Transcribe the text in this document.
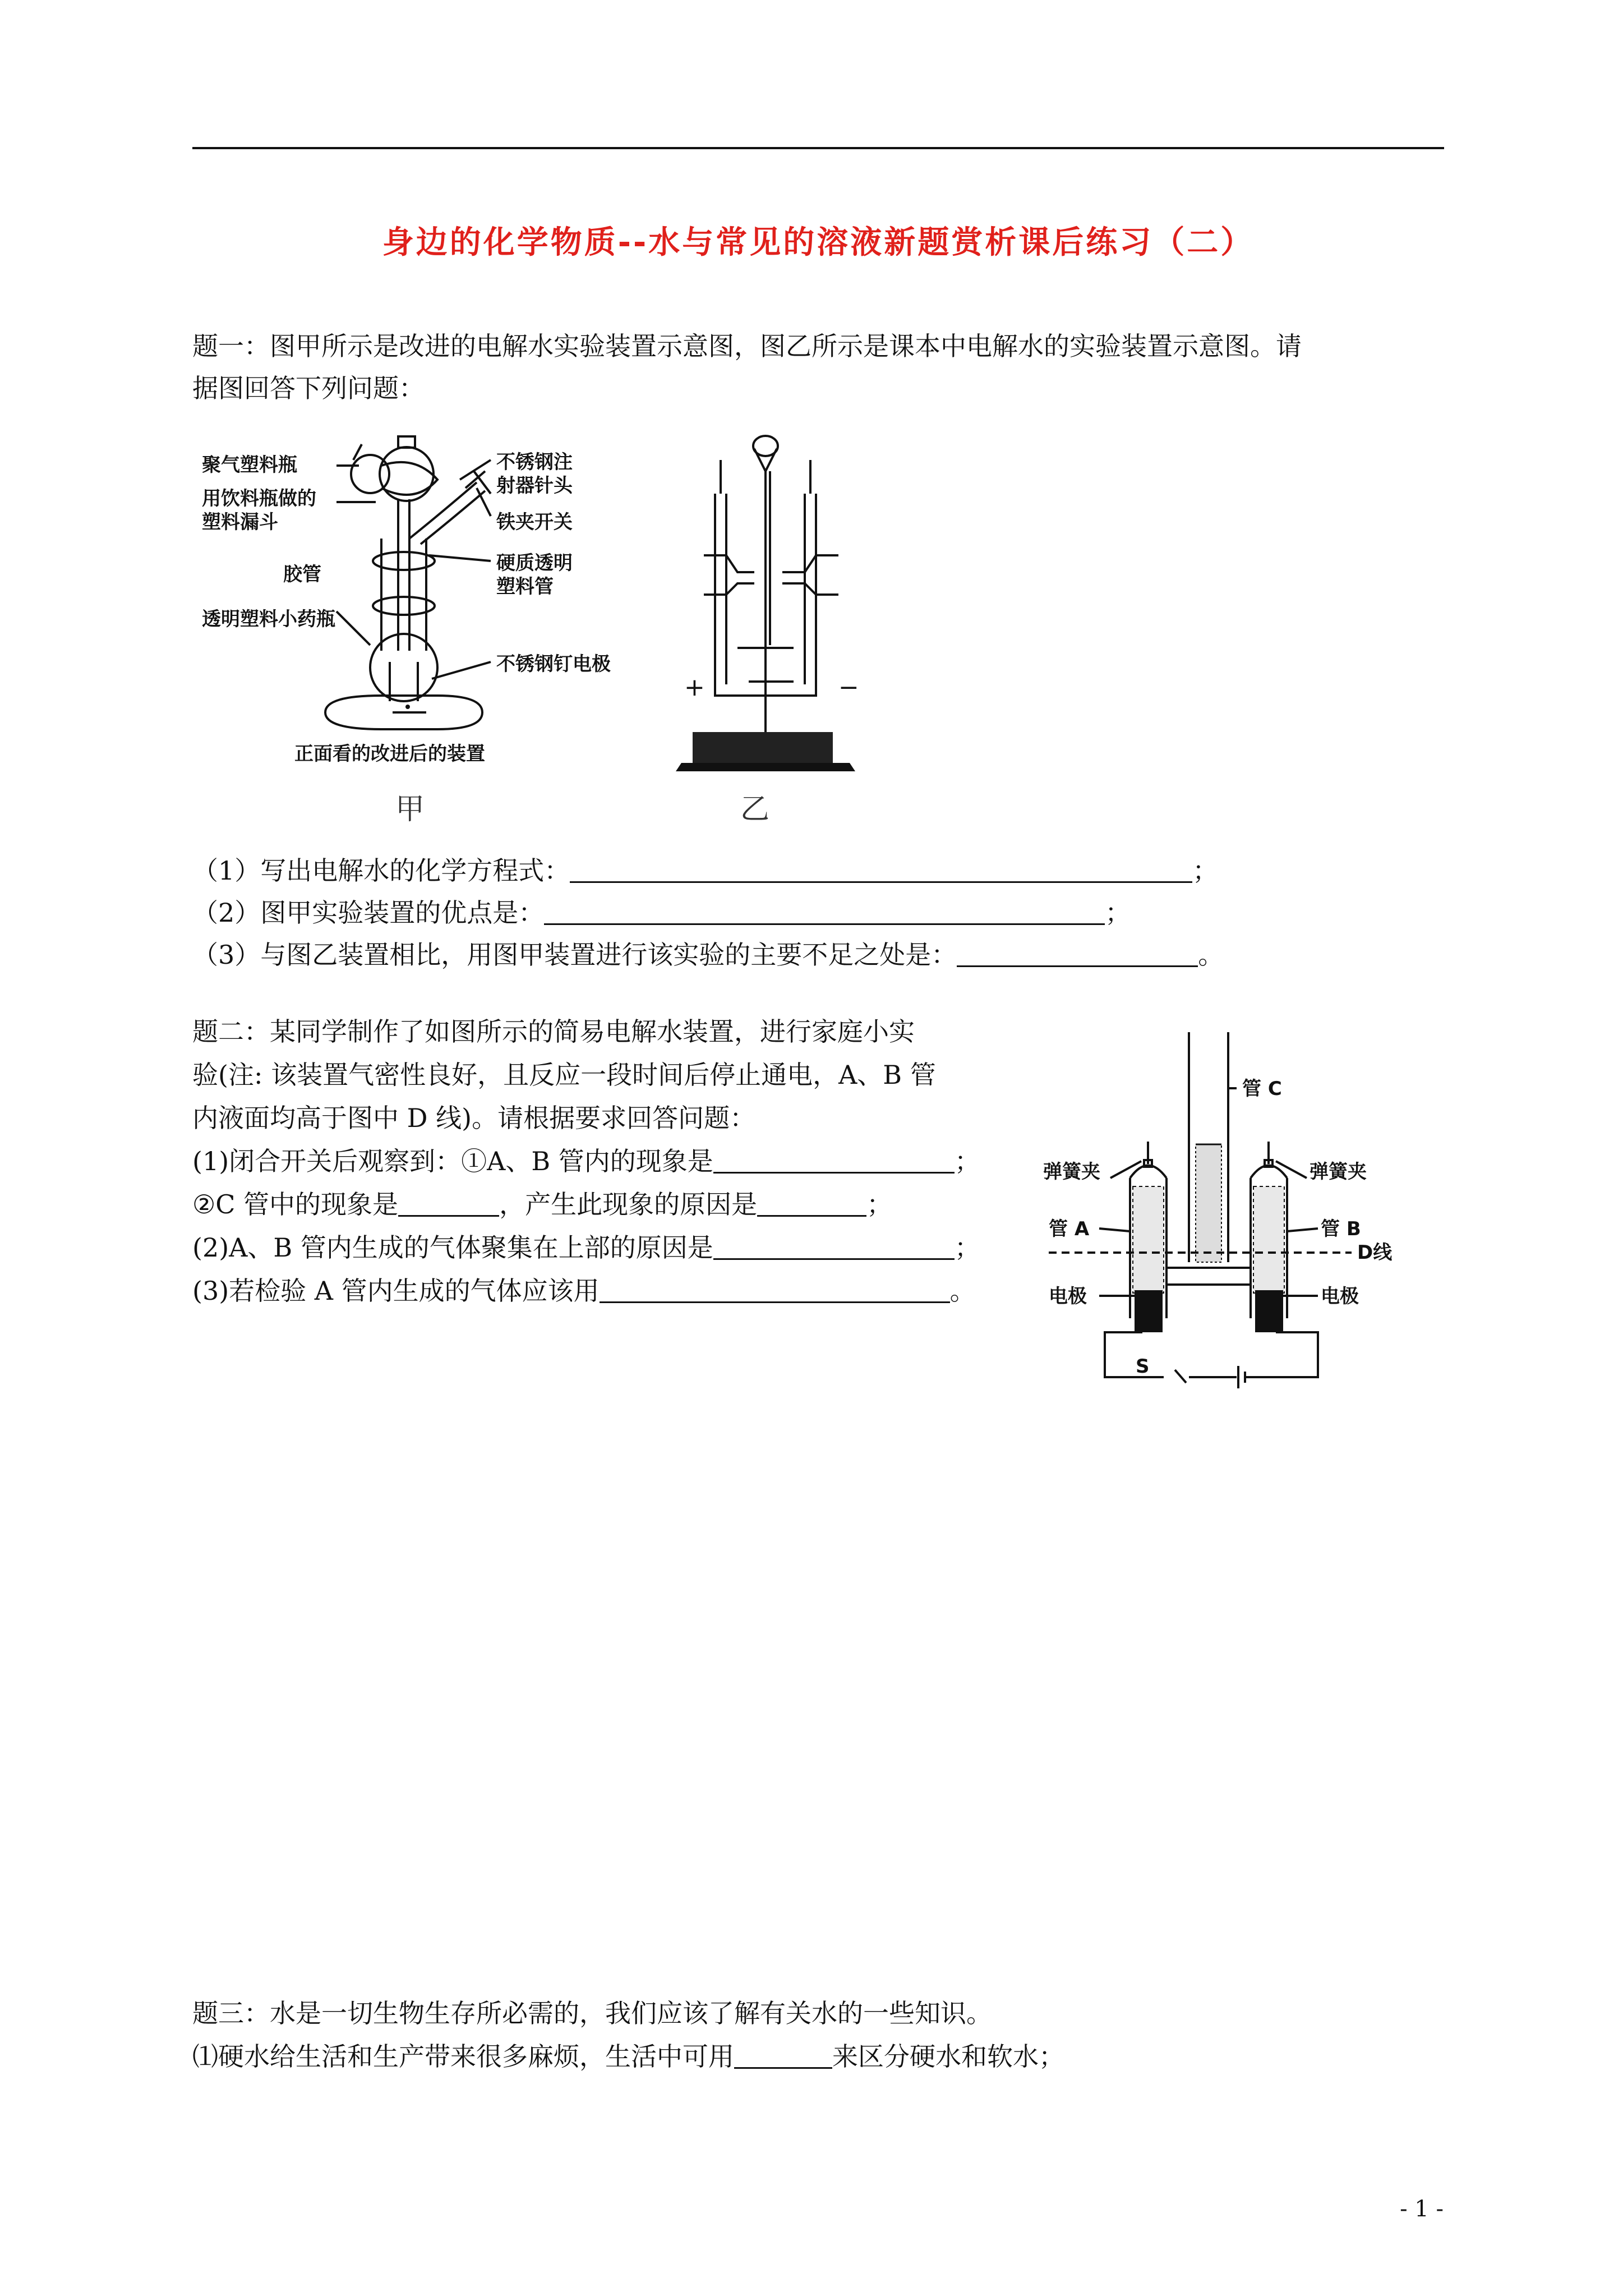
身边的化学物质--水与常见的溶液新题赏析课后练习（二）
题一：图甲所示是改进的电解水实验装置示意图，图乙所示是课本中电解水的实验装置示意图。请
据图回答下列问题：
聚气塑料瓶
用饮料瓶做的
塑料漏斗
胶管
透明塑料小药瓶
不锈钢注
射器针头
铁夹开关
硬质透明
塑料管
不锈钢钉电极
正面看的改进后的装置
甲
+	−
乙
（1）写出电解水的化学方程式：	；
（2）图甲实验装置的优点是：	；
（3）与图乙装置相比，用图甲装置进行该实验的主要不足之处是：	。
题二：某同学制作了如图所示的简易电解水装置，进行家庭小实
验(注: 该装置气密性良好，且反应一段时间后停止通电，A、B 管
内液面均高于图中 D 线)。请根据要求回答问题：
(1)闭合开关后观察到：①A、B 管内的现象是	；
②C 管中的现象是	，产生此现象的原因是	；
(2)A、B 管内生成的气体聚集在上部的原因是	；
(3)若检验 A 管内生成的气体应该用	。
管 C
弹簧夹	弹簧夹
管 A	管 B
D线
电极	电极
S
题三：水是一切生物生存所必需的，我们应该了解有关水的一些知识。
⑴硬水给生活和生产带来很多麻烦，生活中可用	来区分硬水和软水；
- 1 -
